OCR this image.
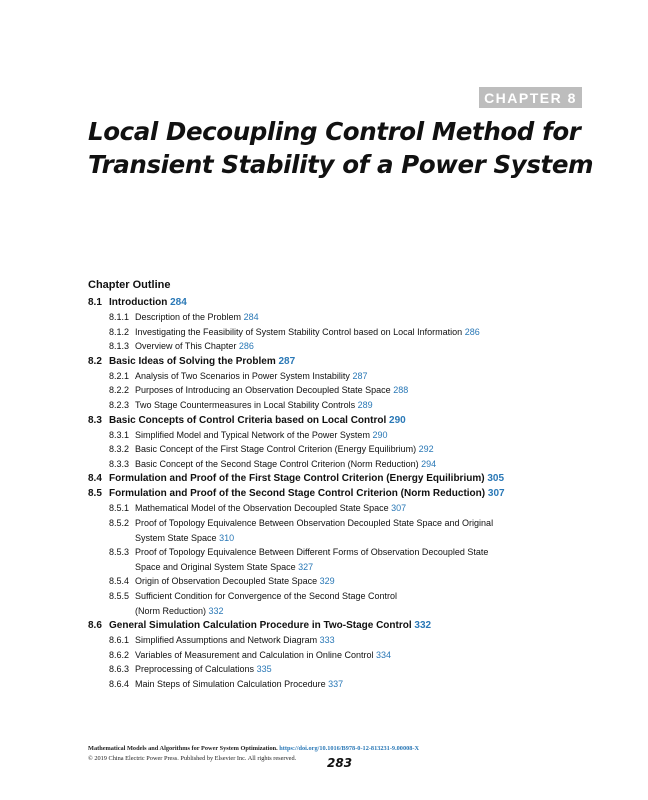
CHAPTER 8
Local Decoupling Control Method for
Transient Stability of a Power System
Chapter Outline
8.1 Introduction 284
8.1.1 Description of the Problem 284
8.1.2 Investigating the Feasibility of System Stability Control based on Local Information 286
8.1.3 Overview of This Chapter 286
8.2 Basic Ideas of Solving the Problem 287
8.2.1 Analysis of Two Scenarios in Power System Instability 287
8.2.2 Purposes of Introducing an Observation Decoupled State Space 288
8.2.3 Two Stage Countermeasures in Local Stability Controls 289
8.3 Basic Concepts of Control Criteria based on Local Control 290
8.3.1 Simplified Model and Typical Network of the Power System 290
8.3.2 Basic Concept of the First Stage Control Criterion (Energy Equilibrium) 292
8.3.3 Basic Concept of the Second Stage Control Criterion (Norm Reduction) 294
8.4 Formulation and Proof of the First Stage Control Criterion (Energy Equilibrium) 305
8.5 Formulation and Proof of the Second Stage Control Criterion (Norm Reduction) 307
8.5.1 Mathematical Model of the Observation Decoupled State Space 307
8.5.2 Proof of Topology Equivalence Between Observation Decoupled State Space and Original
System State Space 310
8.5.3 Proof of Topology Equivalence Between Different Forms of Observation Decoupled State
Space and Original System State Space 327
8.5.4 Origin of Observation Decoupled State Space 329
8.5.5 Sufficient Condition for Convergence of the Second Stage Control
(Norm Reduction) 332
8.6 General Simulation Calculation Procedure in Two-Stage Control 332
8.6.1 Simplified Assumptions and Network Diagram 333
8.6.2 Variables of Measurement and Calculation in Online Control 334
8.6.3 Preprocessing of Calculations 335
8.6.4 Main Steps of Simulation Calculation Procedure 337
Mathematical Models and Algorithms for Power System Optimization. https://doi.org/10.1016/B978-0-12-813231-9.00008-X
© 2019 China Electric Power Press. Published by Elsevier Inc. All rights reserved.	283
